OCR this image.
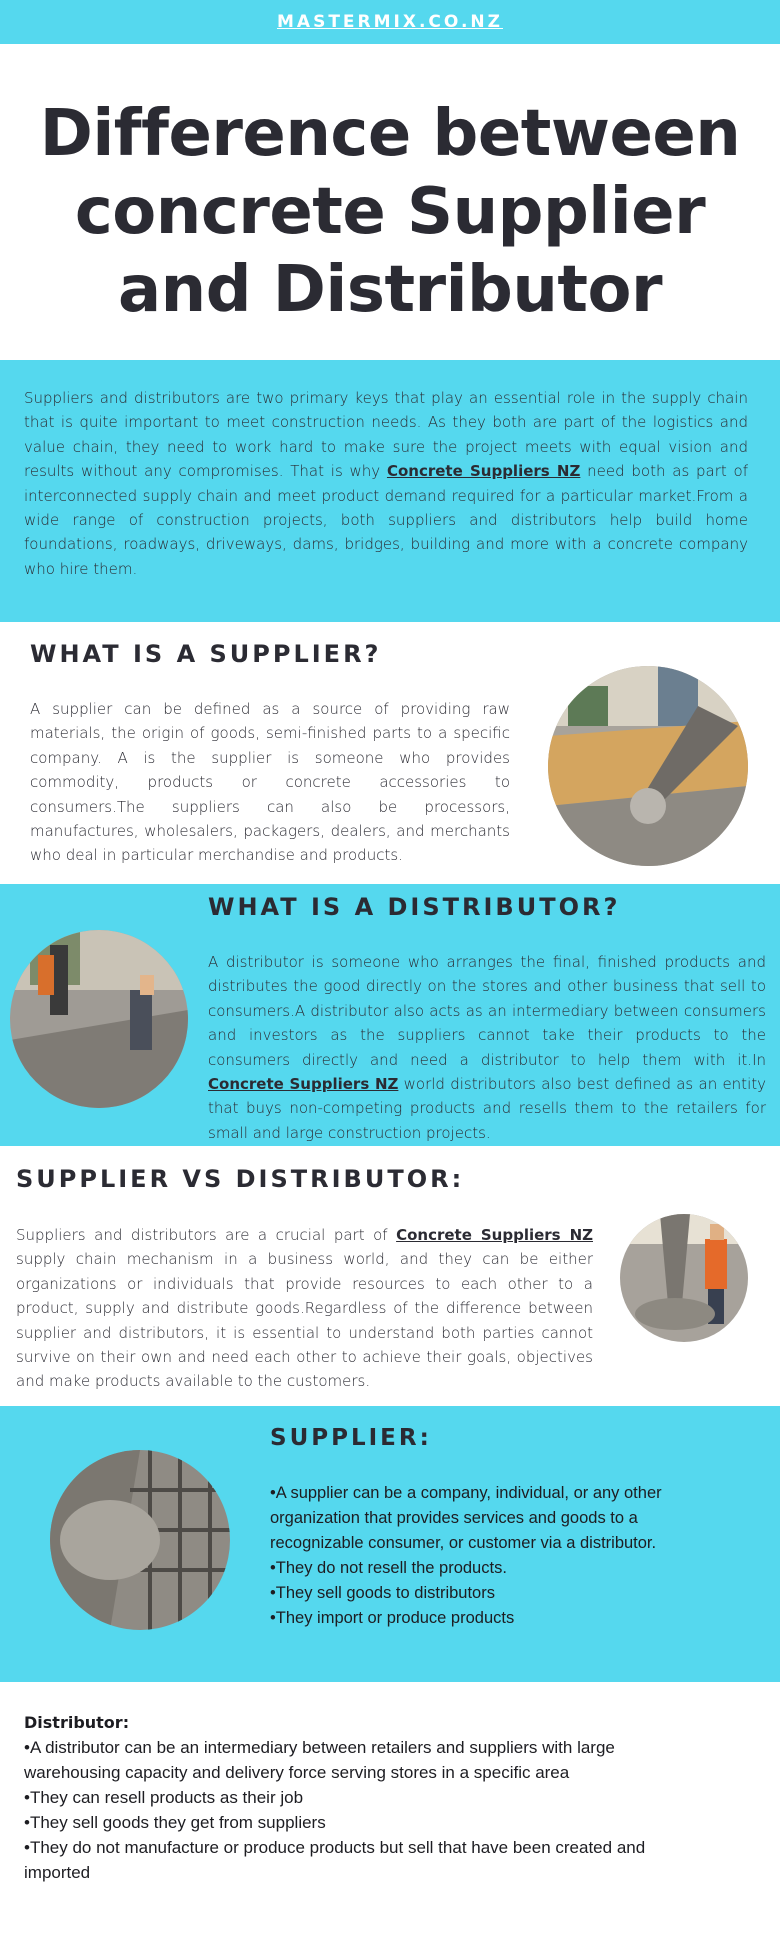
MASTERMIX.CO.NZ
Difference between
concrete Supplier
and Distributor

Suppliers and distributors are two primary keys that play an essential role in the supply chain that is quite important to meet construction needs. As they both are part of the logistics and value chain, they need to work hard to make sure the project meets with equal vision and results without any compromises. That is why Concrete Suppliers NZ need both as part of interconnected supply chain and meet product demand required for a particular market.From a wide range of construction projects, both suppliers and distributors help build home foundations, roadways, driveways, dams, bridges, building and more with a concrete company who hire them.

WHAT IS A SUPPLIER?

A supplier can be defined as a source of providing raw materials, the origin of goods, semi-finished parts to a specific company. A is the supplier is someone who provides commodity, products or concrete accessories to consumers.The suppliers can also be processors, manufactures, wholesalers, packagers, dealers, and merchants who deal in particular merchandise and products.

WHAT IS A DISTRIBUTOR?

A distributor is someone who arranges the final, finished products and distributes the good directly on the stores and other business that sell to consumers.A distributor also acts as an intermediary between consumers and investors as the suppliers cannot take their products to the consumers directly and need a distributor to help them with it.In Concrete Suppliers NZ world distributors also best defined as an entity that buys non-competing products and resells them to the retailers for small and large construction projects.

SUPPLIER VS DISTRIBUTOR:

Suppliers and distributors are a crucial part of Concrete Suppliers NZ supply chain mechanism in a business world, and they can be either organizations or individuals that provide resources to each other to a product, supply and distribute goods.Regardless of the difference between supplier and distributors, it is essential to understand both parties cannot survive on their own and need each other to achieve their goals, objectives and make products available to the customers.

SUPPLIER:
•A supplier can be a company, individual, or any other organization that provides services and goods to a recognizable consumer, or customer via a distributor.
•They do not resell the products.
•They sell goods to distributors
•They import or produce products
Distributor:
•A distributor can be an intermediary between retailers and suppliers with large warehousing capacity and delivery force serving stores in a specific area
•They can resell products as their job
•They sell goods they get from suppliers
•They do not manufacture or produce products but sell that have been created and imported
